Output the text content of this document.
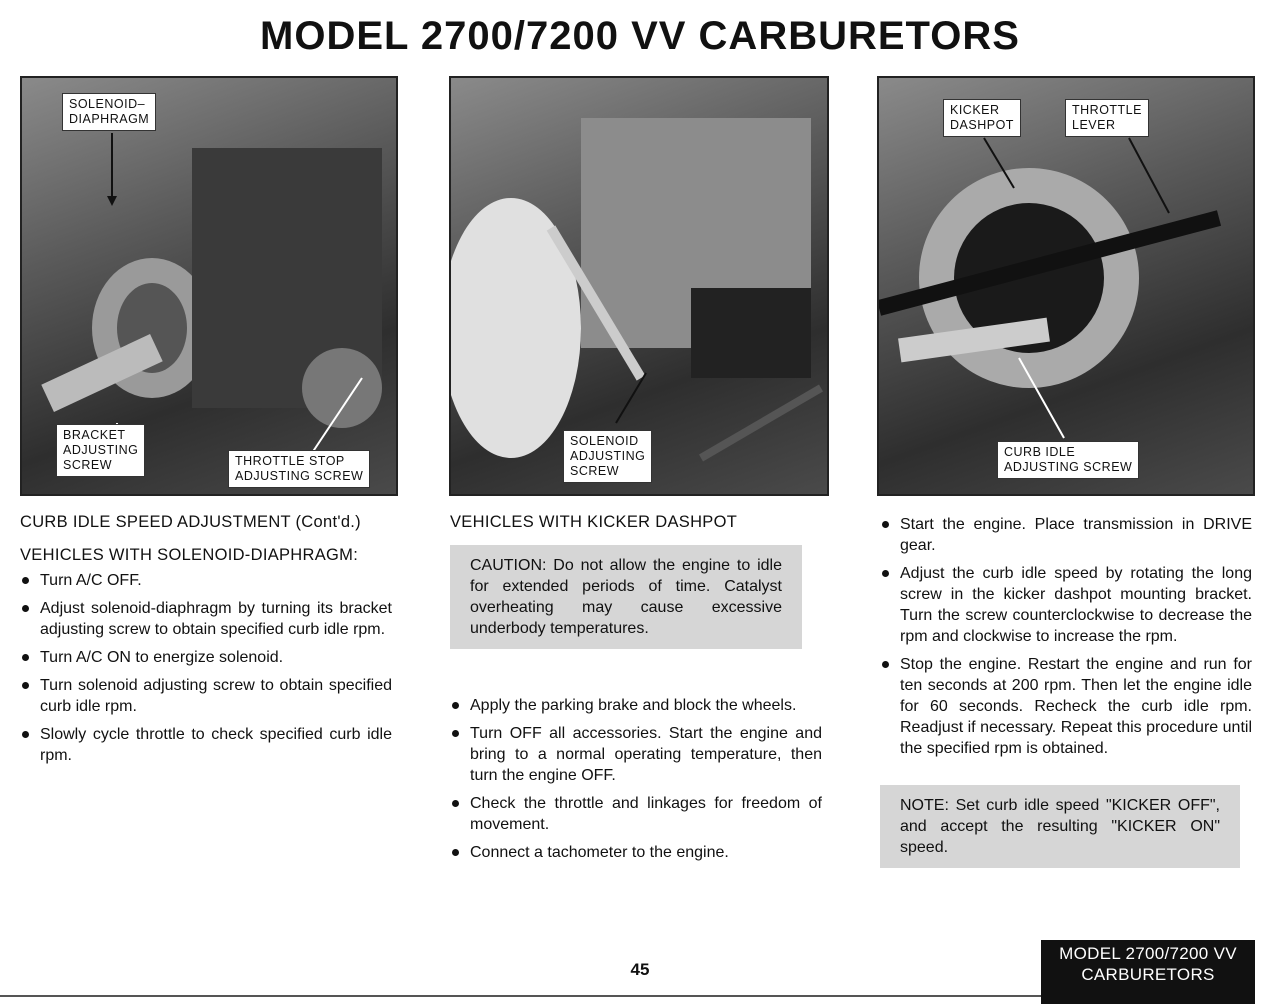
MODEL 2700/7200 VV CARBURETORS
SOLENOID–
DIAPHRAGM
BRACKET
ADJUSTING
SCREW	THROTTLE STOP
ADJUSTING SCREW
SOLENOID
ADJUSTING
SCREW
KICKER
DASHPOT
THROTTLE
LEVER
CURB IDLE
ADJUSTING SCREW
CURB IDLE SPEED ADJUSTMENT (Cont'd.)
VEHICLES WITH SOLENOID-DIAPHRAGM:
Turn A/C OFF.
Adjust solenoid-diaphragm by turning its bracket adjusting screw to obtain specified curb idle rpm.
Turn A/C ON to energize solenoid.
Turn solenoid adjusting screw to obtain specified curb idle rpm.
Slowly cycle throttle to check specified curb idle rpm.
VEHICLES WITH KICKER DASHPOT
CAUTION: Do not allow the engine to idle for extended periods of time. Catalyst overheating may cause excessive underbody temperatures.
Apply the parking brake and block the wheels.
Turn OFF all accessories. Start the engine and bring to a normal operating temperature, then turn the engine OFF.
Check the throttle and linkages for freedom of movement.
Connect a tachometer to the engine.
Start the engine. Place transmission in DRIVE gear.
Adjust the curb idle speed by rotating the long screw in the kicker dashpot mounting bracket. Turn the screw counterclockwise to decrease the rpm and clockwise to increase the rpm.
Stop the engine. Restart the engine and run for ten seconds at 200 rpm. Then let the engine idle for 60 seconds. Recheck the curb idle rpm. Readjust if necessary. Repeat this procedure until the specified rpm is obtained.
NOTE: Set curb idle speed "KICKER OFF", and accept the resulting "KICKER ON" speed.
45
MODEL 2700/7200 VV
CARBURETORS
